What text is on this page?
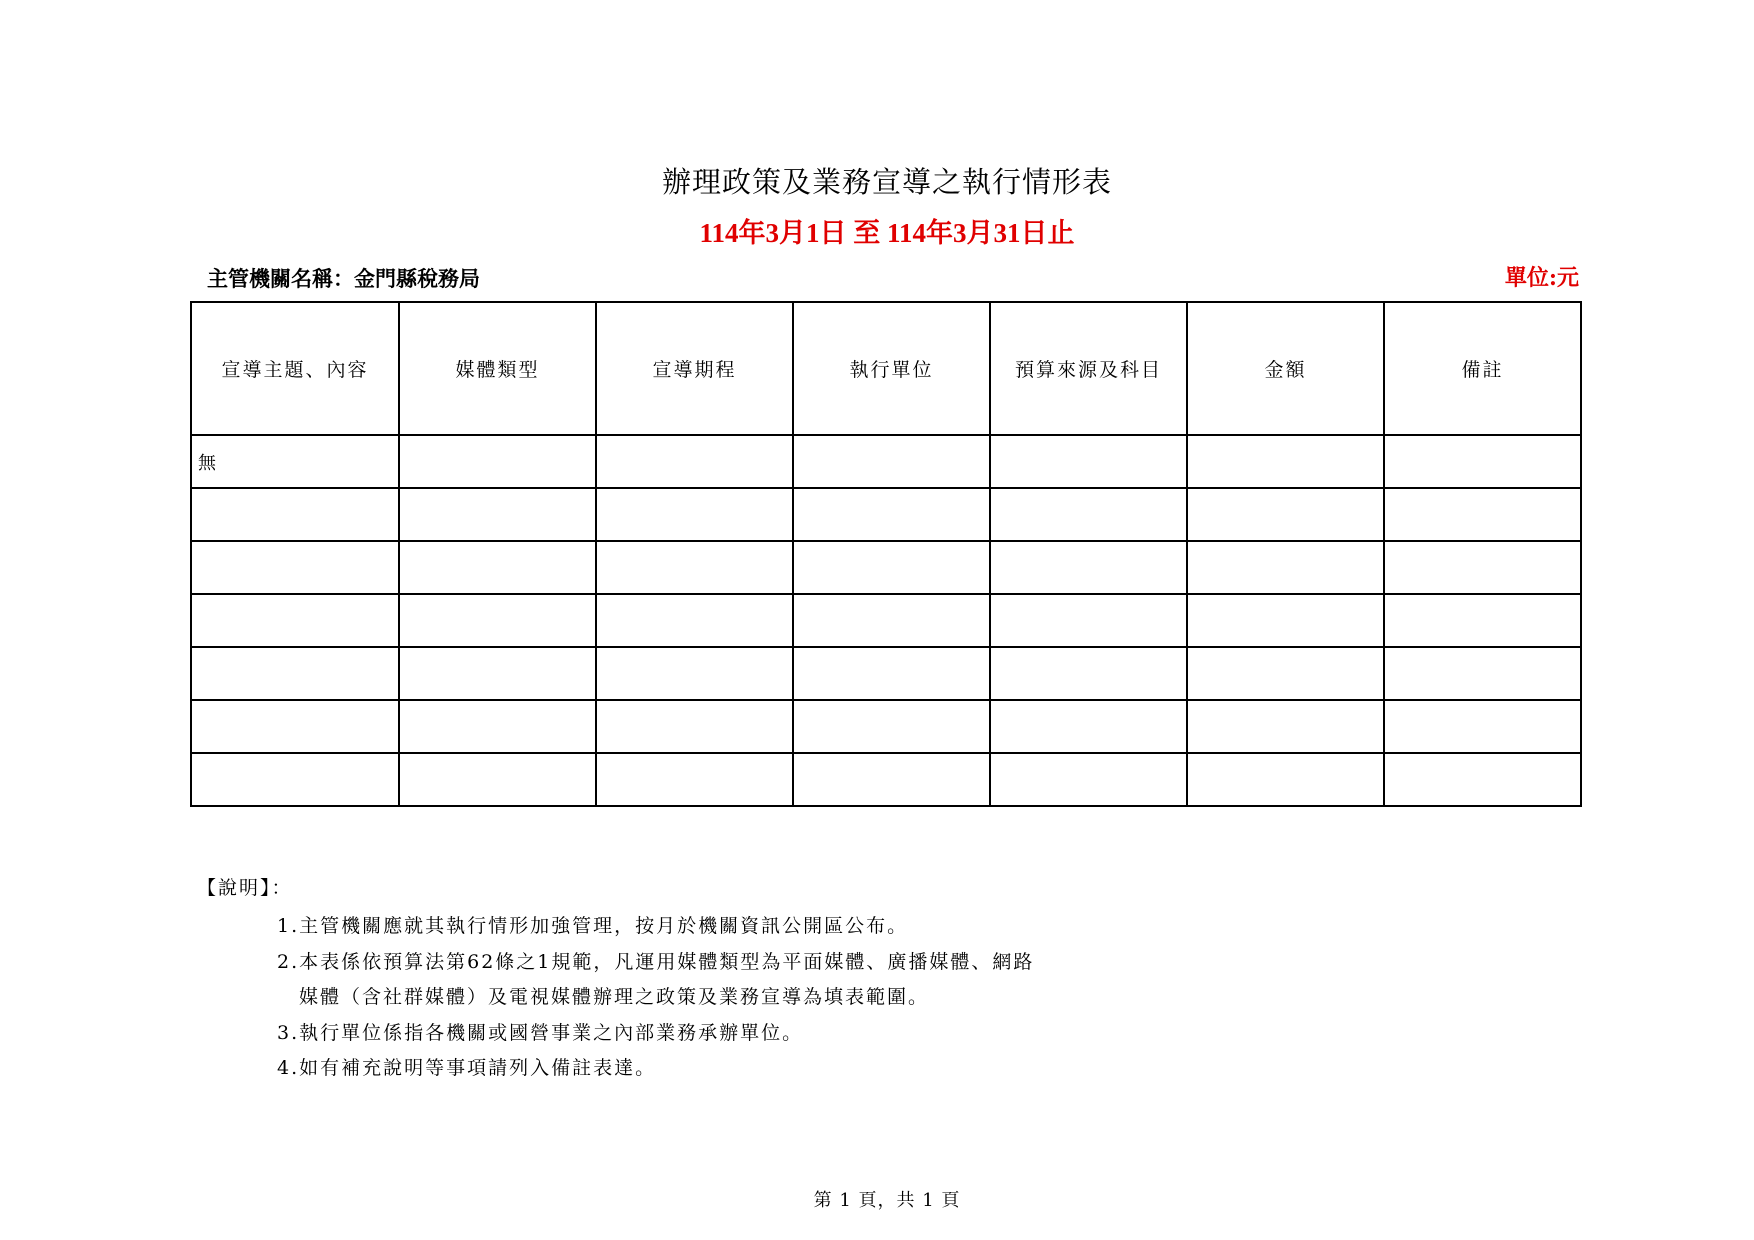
辦理政策及業務宣導之執行情形表
114年3月1日 至 114年3月31日止
主管機關名稱：金門縣稅務局	單位:元
宣導主題、內容	媒體類型	宣導期程	執行單位	預算來源及科目	金額	備註
無						

【說明】：
1.主管機關應就其執行情形加強管理，按月於機關資訊公開區公布。
2.本表係依預算法第62條之1規範，凡運用媒體類型為平面媒體、廣播媒體、網路
媒體（含社群媒體）及電視媒體辦理之政策及業務宣導為填表範圍。
3.執行單位係指各機關或國營事業之內部業務承辦單位。
4.如有補充說明等事項請列入備註表達。
第 1 頁，共 1 頁
